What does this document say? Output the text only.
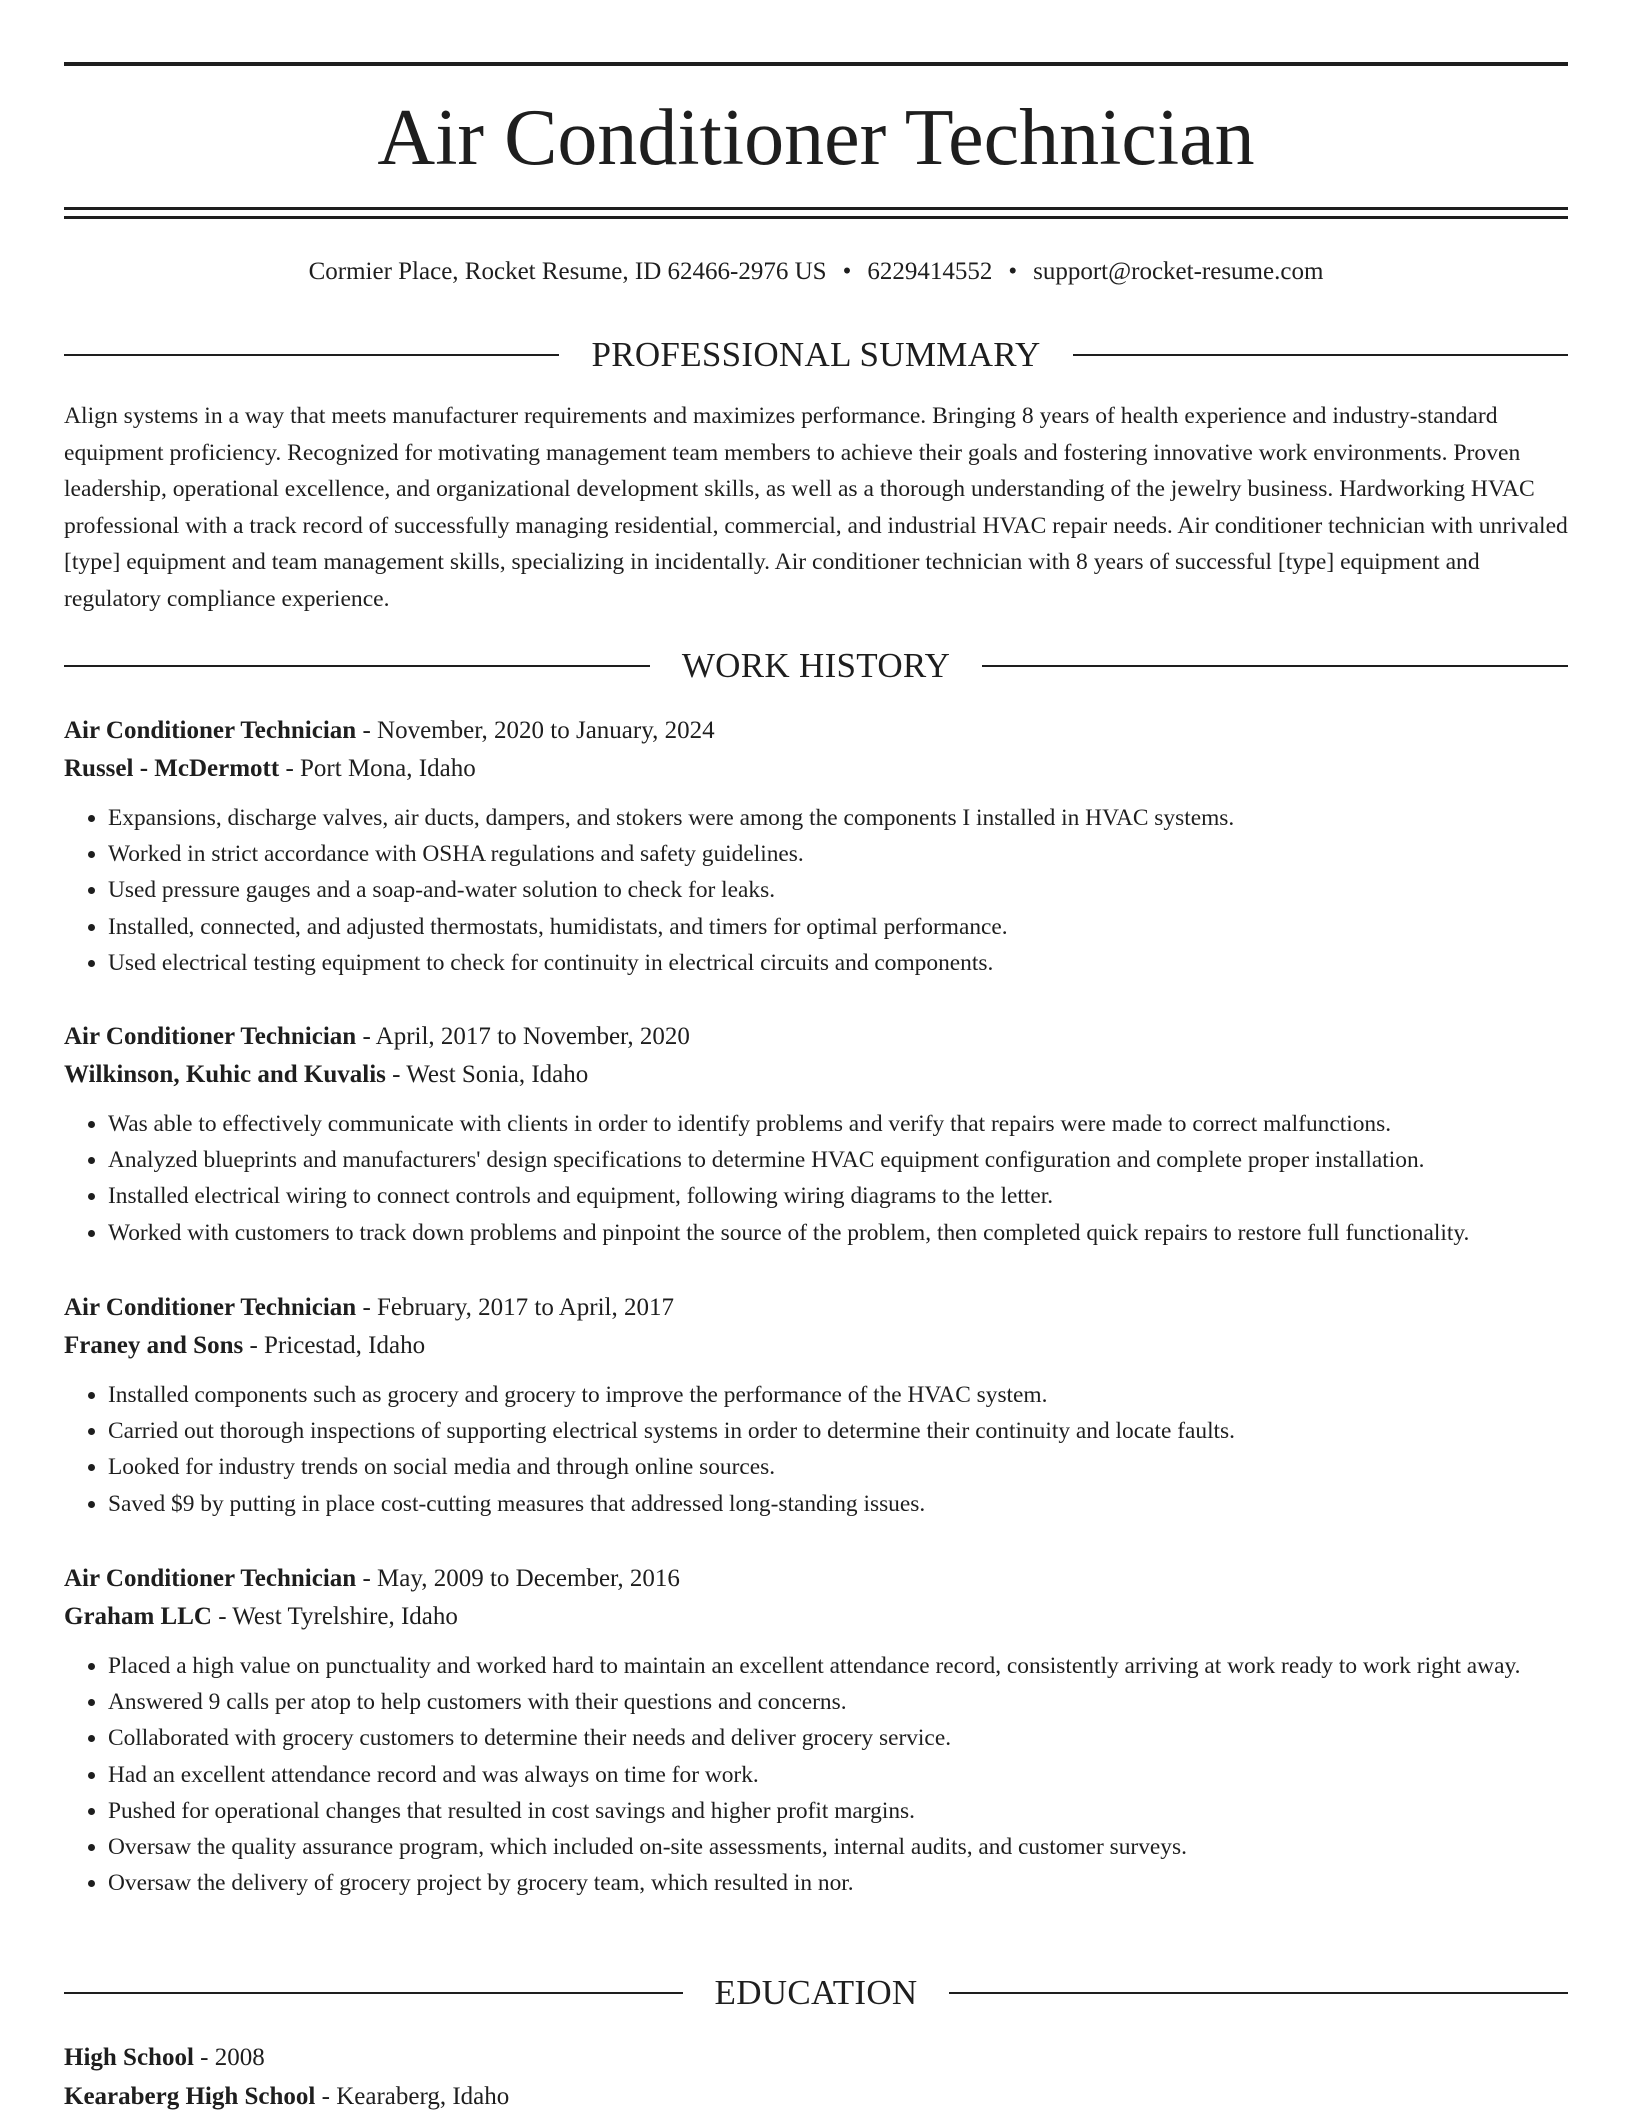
Air Conditioner Technician
Cormier Place, Rocket Resume, ID 62466-2976 US • 6229414552 • support@rocket-resume.com
PROFESSIONAL SUMMARY

Align systems in a way that meets manufacturer requirements and maximizes performance. Bringing 8 years of health experience and industry-standard equipment proficiency. Recognized for motivating management team members to achieve their goals and fostering innovative work environments. Proven leadership, operational excellence, and organizational development skills, as well as a thorough understanding of the jewelry business. Hardworking HVAC professional with a track record of successfully managing residential, commercial, and industrial HVAC repair needs. Air conditioner technician with unrivaled [type] equipment and team management skills, specializing in incidentally. Air conditioner technician with 8 years of successful [type] equipment and regulatory compliance experience.

WORK HISTORY

Air Conditioner Technician - November, 2020 to January, 2024

Russel - McDermott - Port Mona, Idaho

• Expansions, discharge valves, air ducts, dampers, and stokers were among the components I installed in HVAC systems.
• Worked in strict accordance with OSHA regulations and safety guidelines.
• Used pressure gauges and a soap-and-water solution to check for leaks.
• Installed, connected, and adjusted thermostats, humidistats, and timers for optimal performance.
• Used electrical testing equipment to check for continuity in electrical circuits and components.

Air Conditioner Technician - April, 2017 to November, 2020

Wilkinson, Kuhic and Kuvalis - West Sonia, Idaho

• Was able to effectively communicate with clients in order to identify problems and verify that repairs were made to correct malfunctions.
• Analyzed blueprints and manufacturers' design specifications to determine HVAC equipment configuration and complete proper installation.
• Installed electrical wiring to connect controls and equipment, following wiring diagrams to the letter.
• Worked with customers to track down problems and pinpoint the source of the problem, then completed quick repairs to restore full functionality.

Air Conditioner Technician - February, 2017 to April, 2017

Franey and Sons - Pricestad, Idaho

• Installed components such as grocery and grocery to improve the performance of the HVAC system.
• Carried out thorough inspections of supporting electrical systems in order to determine their continuity and locate faults.
• Looked for industry trends on social media and through online sources.
• Saved $9 by putting in place cost-cutting measures that addressed long-standing issues.

Air Conditioner Technician - May, 2009 to December, 2016

Graham LLC - West Tyrelshire, Idaho

• Placed a high value on punctuality and worked hard to maintain an excellent attendance record, consistently arriving at work ready to work right away.
• Answered 9 calls per atop to help customers with their questions and concerns.
• Collaborated with grocery customers to determine their needs and deliver grocery service.
• Had an excellent attendance record and was always on time for work.
• Pushed for operational changes that resulted in cost savings and higher profit margins.
• Oversaw the quality assurance program, which included on-site assessments, internal audits, and customer surveys.
• Oversaw the delivery of grocery project by grocery team, which resulted in nor.
EDUCATION

High School - 2008

Kearaberg High School - Kearaberg, Idaho
